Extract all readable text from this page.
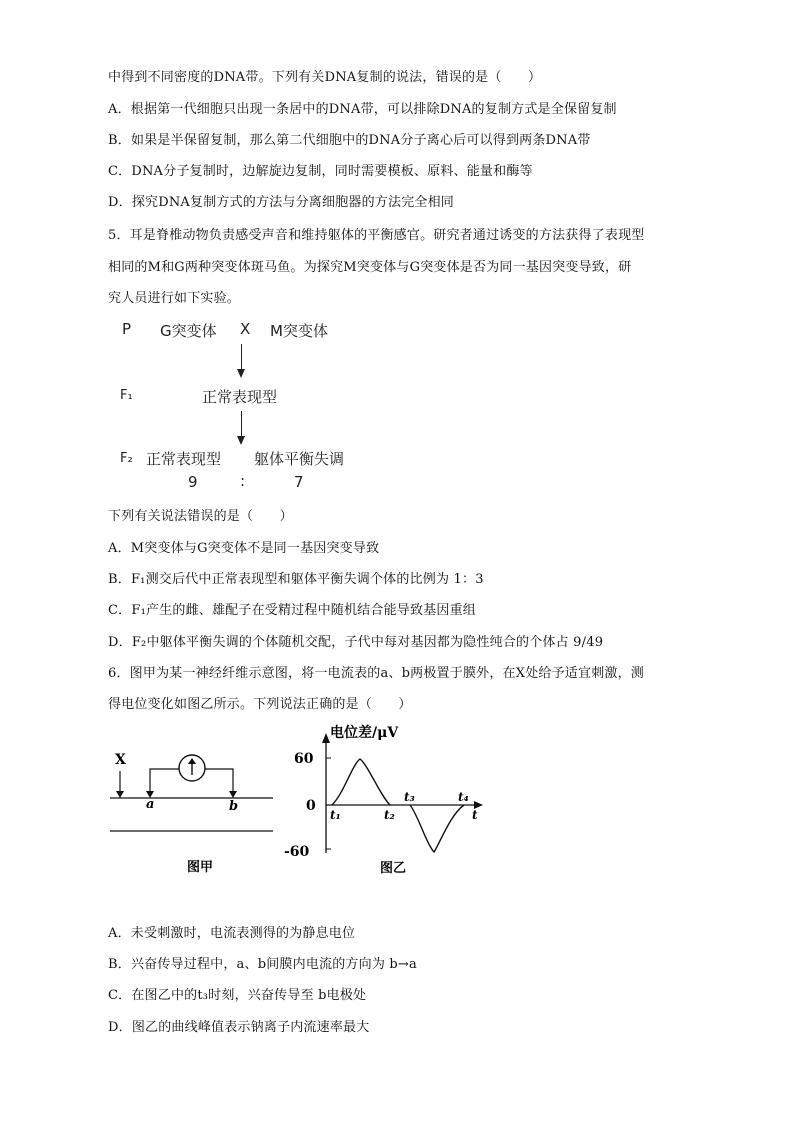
中得到不同密度的DNA带。下列有关DNA复制的说法，错误的是（　　）
A．根据第一代细胞只出现一条居中的DNA带，可以排除DNA的复制方式是全保留复制
B．如果是半保留复制，那么第二代细胞中的DNA分子离心后可以得到两条DNA带
C．DNA分子复制时，边解旋边复制，同时需要模板、原料、能量和酶等
D．探究DNA复制方式的方法与分离细胞器的方法完全相同
5．耳是脊椎动物负责感受声音和维持躯体的平衡感官。研究者通过诱变的方法获得了表现型
相同的M和G两种突变体斑马鱼。为探究M突变体与G突变体是否为同一基因突变导致，研
究人员进行如下实验。
P G突变体 X M突变体
F₁	正常表现型
F₂ 正常表现型 躯体平衡失调
9	:	7
下列有关说法错误的是（　　）
A．M突变体与G突变体不是同一基因突变导致
B．F₁测交后代中正常表现型和躯体平衡失调个体的比例为 1：3
C．F₁产生的雌、雄配子在受精过程中随机结合能导致基因重组
D．F₂中躯体平衡失调的个体随机交配，子代中每对基因都为隐性纯合的个体占 9/49
6．图甲为某一神经纤维示意图，将一电流表的a、b两极置于膜外，在X处给予适宜刺激，测
得电位变化如图乙所示。下列说法正确的是（　　）
X
a	b
图甲
电位差/μV
60
0
-60
t₁	t₂
t₃	t₄
t
图乙
A．未受刺激时，电流表测得的为静息电位
B．兴奋传导过程中，a、b间膜内电流的方向为 b→a
C．在图乙中的t₃时刻，兴奋传导至 b电极处
D．图乙的曲线峰值表示钠离子内流速率最大
